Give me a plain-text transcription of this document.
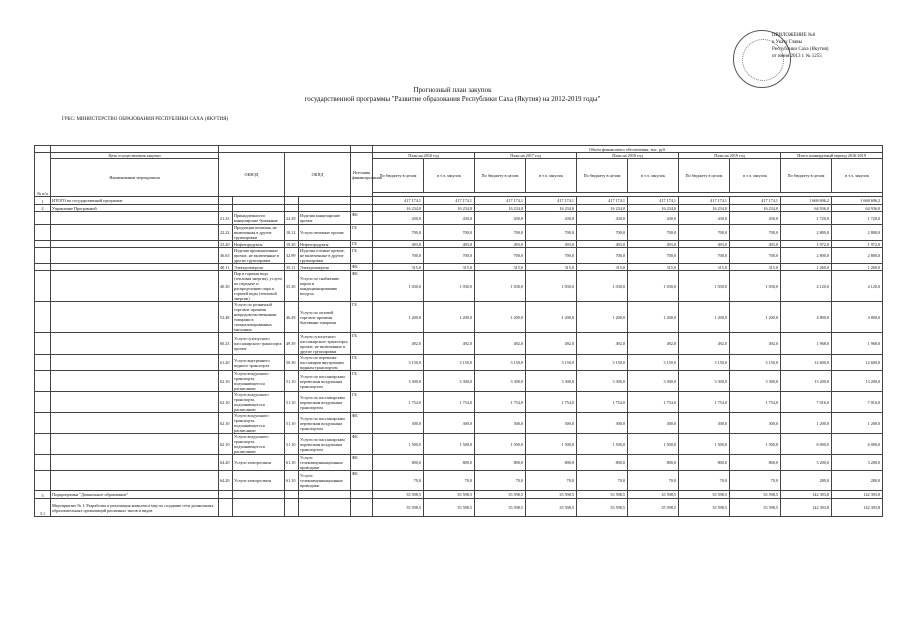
ПРИЛОЖЕНИЕ №6
к Указу Главы
Республики Саха (Якутия)
от июня 2013 г. № 1255
Прогнозный план закупок
государственной программы "Развитие образования Республики Саха (Якутия) на 2012-2019 годы"
ГРБС: МИНИСТЕРСТВО ОБРАЗОВАНИЯ РЕСПУБЛИКИ САХА (ЯКУТИЯ)
							Объем финансового обеспечения, тыс. руб.									
№ п/п	Цель осуществления закупки	ОКВЭД		ОКПД		Источник финансирования	План на 2016 год		План на 2017 год		План на 2018 год		План на 2019 год		Итого планируемый период 2016-2019	
	Наименование мероприятия						По бюджету в целом	в т.ч. закупок	По бюджету в целом	в т.ч. закупок	По бюджету в целом	в т.ч. закупок	По бюджету в целом	в т.ч. закупок	По бюджету в целом	в т.ч. закупок

1	ИТОГО по государственной программе						417 174,1	417 174,1	417 174,1	417 174,1	417 174,1	417 174,1	417 174,1	417 174,1	1 668 696,2	1 668 696,2
2	Управление Программой						16 234,0	16 234,0	16 234,0	16 234,0	16 234,0	16 234,0	16 234,0	16 234,0	64 936,0	64 936,0
		21.23	Принадлежности канцелярские бумажные	22.29	Изделия канцелярские прочие	ФБ	430,0	430,0	430,0	430,0	430,0	430,0	430,0	430,0	1 720,0	1 720,0
		22.22	Продукция печатная, не включенная в другие группировки	18.12	Услуги печатные прочие	ГБ	700,0	700,0	700,0	700,0	700,0	700,0	700,0	700,0	2 800,0	2 800,0
		23.20	Нефтепродукты	19.20	Нефтепродукты	ГБ	493,0	493,0	493,0	493,0	493,0	493,0	493,0	493,0	1 972,0	1 972,0
		36.63	Изделия промышленные прочие, не включенные в другие группировки	32.99	Изделия готовые прочие, не включенные в другие группировки	ГБ	700,0	700,0	700,0	700,0	700,0	700,0	700,0	700,0	2 800,0	2 800,0
		40.11	Электроэнергия	35.11	Электроэнергия	ФБ	315,0	315,0	315,0	315,0	315,0	315,0	315,0	315,0	1 260,0	1 260,0
		40.30	Пар и горячая вода (тепловая энергия), услуги по передаче и распределению пара и горячей воды (тепловой энергии)	35.30	Услуги по снабжению паром и кондиционированию воздуха	ФБ	1 030,0	1 030,0	1 030,0	1 030,0	1 030,0	1 030,0	1 030,0	1 030,0	4 120,0	4 120,0
		52.48	Услуги по розничной торговле прочими непродовольственными товарами в специализированных магазинах	46.49	Услуги по оптовой торговле прочими бытовыми товарами	ГБ	1 200,0	1 200,0	1 200,0	1 200,0	1 200,0	1 200,0	1 200,0	1 200,0	4 800,0	4 800,0
		60.23	Услуги сухопутного пассажирского транспорта прочие	49.39	Услуги сухопутного пассажирского транспорта прочие, не включенные в другие группировки	ГБ	492,0	492,0	492,0	492,0	492,0	492,0	492,0	492,0	1 968,0	1 968,0
		61.20	Услуги внутреннего водного транспорта	50.30	Услуги по перевозке пассажиров внутренним водным транспортом	ГБ	3 150,0	3 150,0	3 150,0	3 150,0	3 150,0	3 150,0	3 150,0	3 150,0	12 600,0	12 600,0
		62.10	Услуги воздушного транспорта, подчиняющегося расписанию	51.10	Услуги по пассажирским перевозкам воздушным транспортом	ГБ	3 300,0	3 300,0	3 300,0	3 300,0	3 300,0	3 300,0	3 300,0	3 300,0	13 200,0	13 200,0
		62.10	Услуги воздушного транспорта, подчиняющегося расписанию	51.10	Услуги по пассажирским перевозкам воздушным транспортом	ГБ	1 754,0	1 754,0	1 754,0	1 754,0	1 754,0	1 754,0	1 754,0	1 754,0	7 016,0	7 016,0
		62.10	Услуги воздушного транспорта, подчиняющегося расписанию	51.10	Услуги по пассажирским перевозкам воздушным транспортом	ФБ	300,0	300,0	300,0	300,0	300,0	300,0	300,0	300,0	1 200,0	1 200,0
		62.10	Услуги воздушного транспорта, подчиняющегося расписанию	51.10	Услуги по пассажирским перевозкам воздушным транспортом	ФБ	1 500,0	1 500,0	1 500,0	1 500,0	1 500,0	1 500,0	1 500,0	1 500,0	6 000,0	6 000,0
		64.20	Услуги электросвязи	61.10	Услуги телекоммуникационные проводные	ФБ	800,0	800,0	800,0	800,0	800,0	800,0	800,0	800,0	3 200,0	3 200,0
		64.20	Услуги электросвязи	61.10	Услуги телекоммуникационные проводные	ФБ	70,0	70,0	70,0	70,0	70,0	70,0	70,0	70,0	280,0	280,0
3	Подпрограмма "Дошкольное образование"						35 598,5	35 598,5	35 598,5	35 598,5	35 598,5	35 598,5	35 598,5	35 598,5	142 393,8	142 393,8
3.1	Мероприятие № 1. Разработка и реализация комплекса мер по созданию сети дошкольных образовательных организаций различных типов и видов						35 598,5	35 598,5	35 598,5	35 598,5	35 598,5	35 598,5	35 598,5	35 598,5	142 393,8	142 393,8
